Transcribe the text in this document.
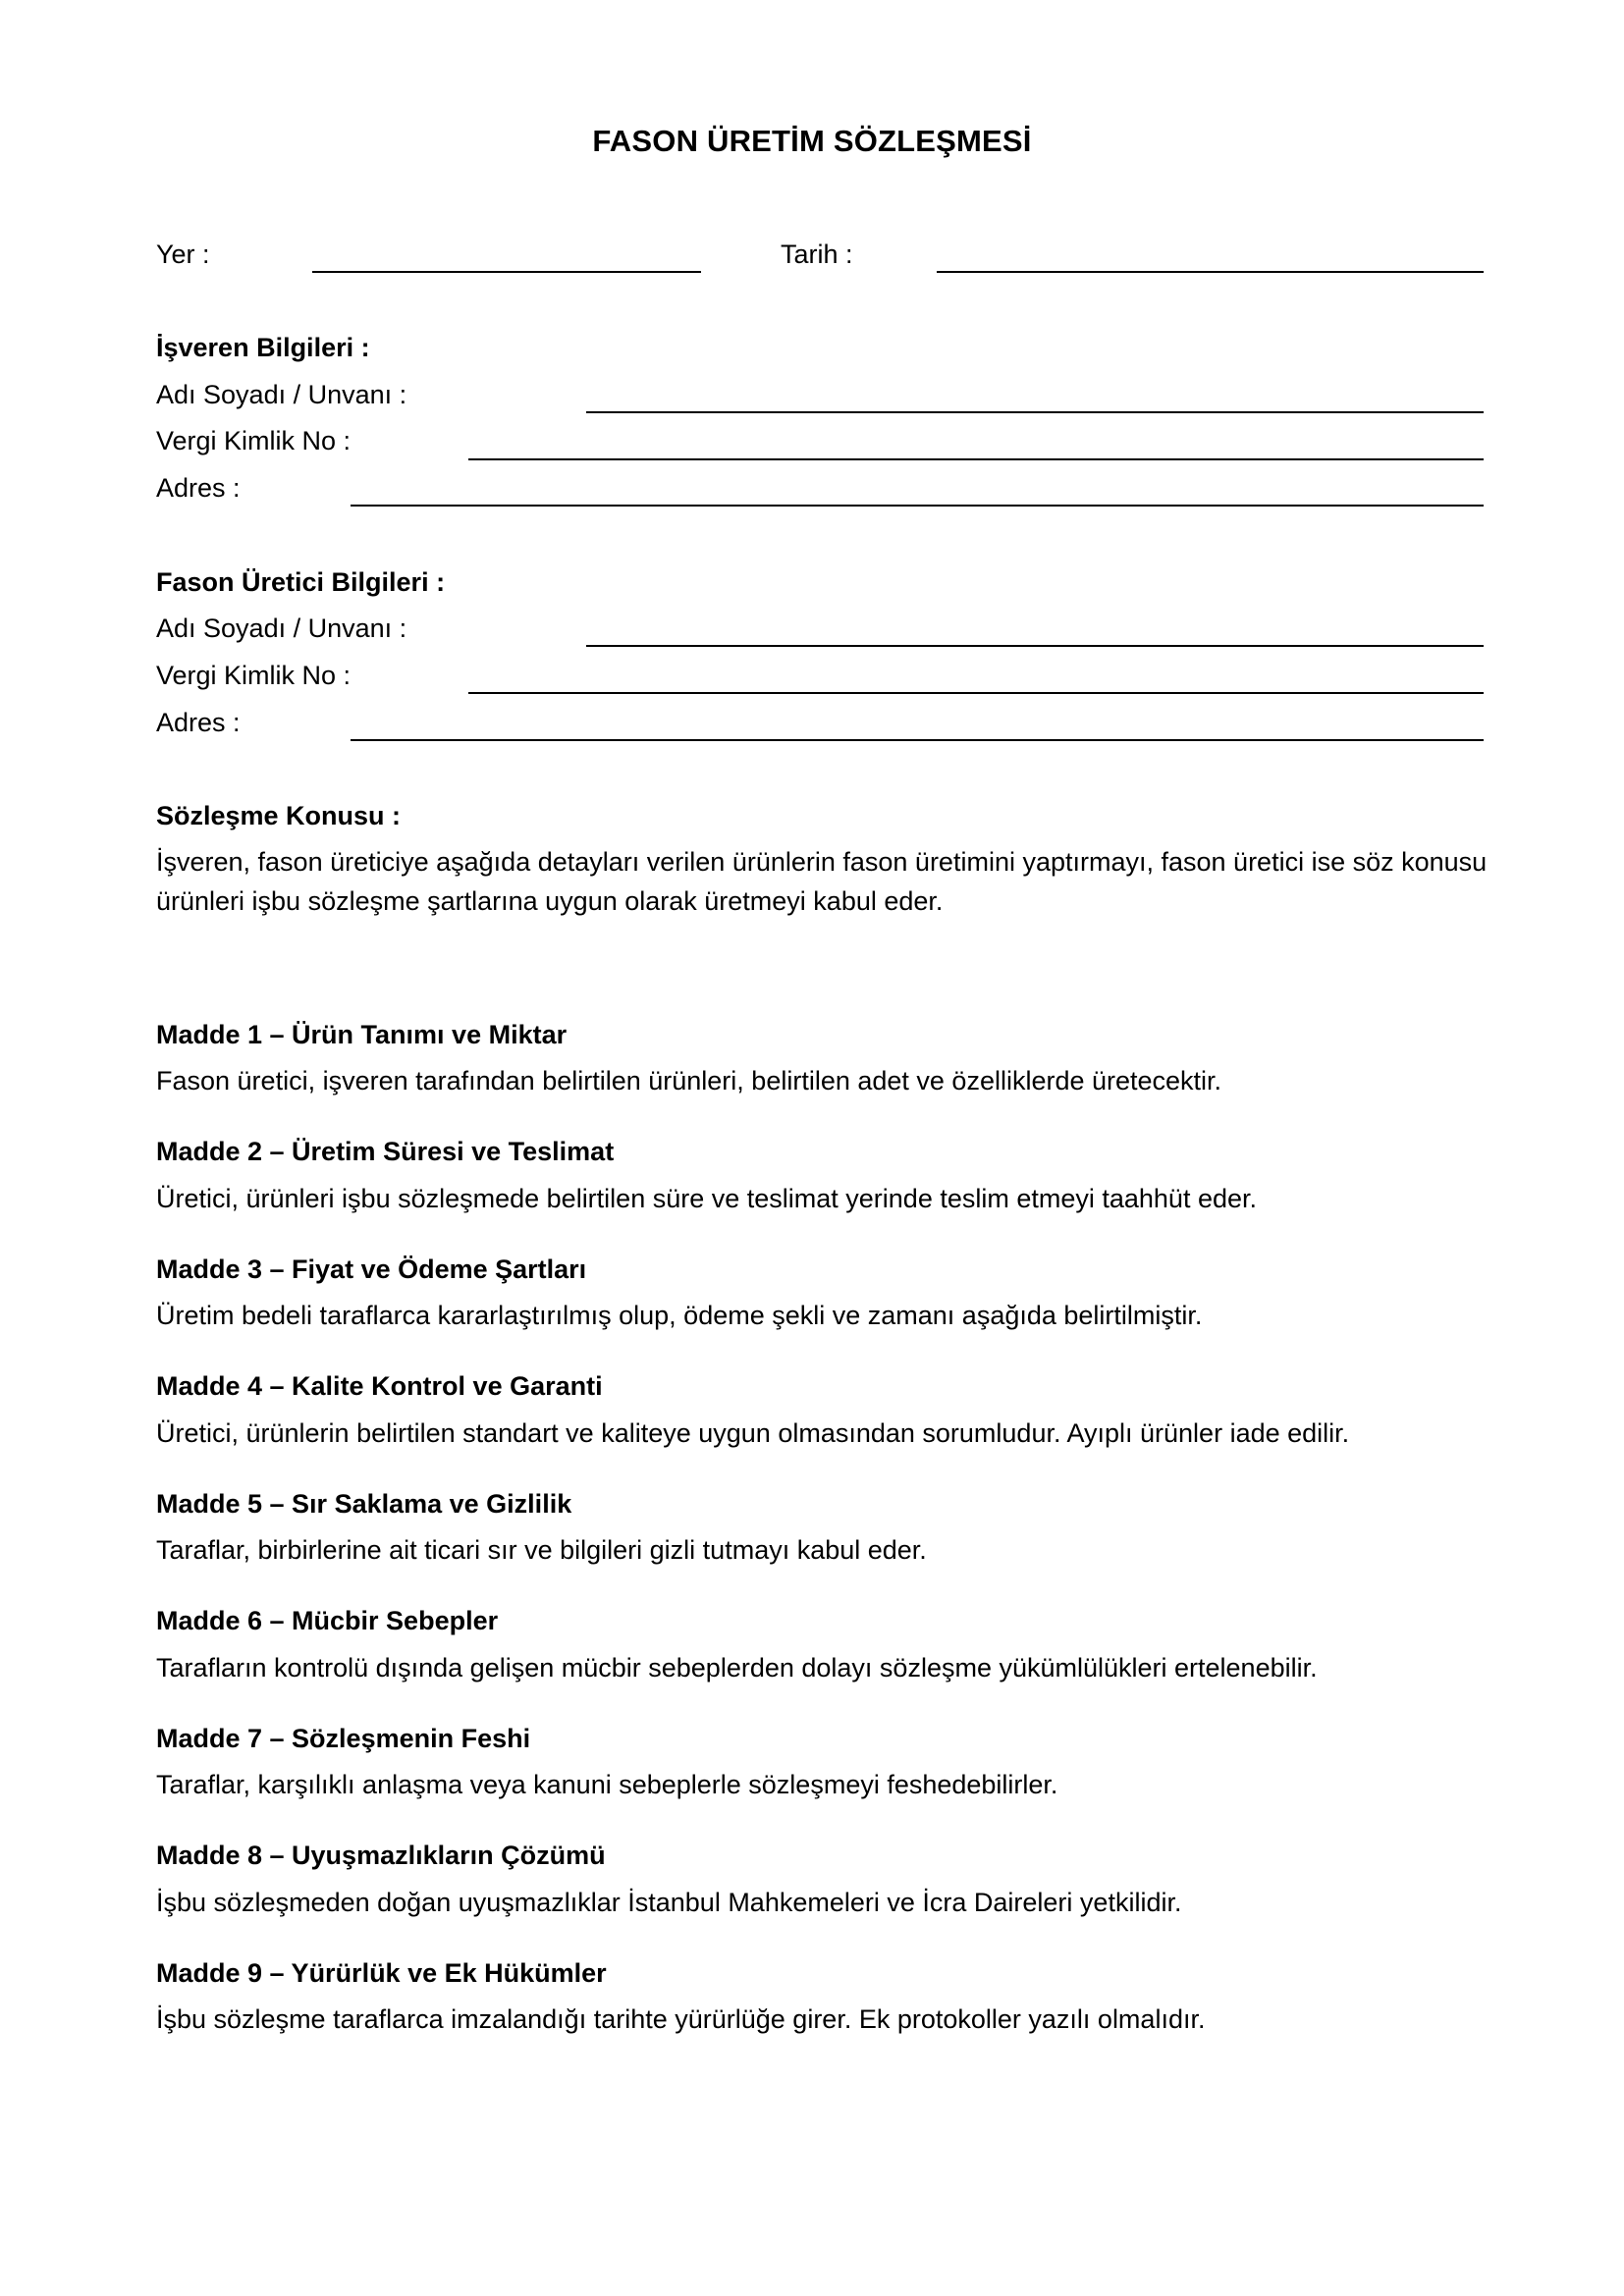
FASON ÜRETİM SÖZLEŞMESİ
Yer :	Tarih :
İşveren Bilgileri :
Adı Soyadı / Unvanı :
Vergi Kimlik No :
Adres :
Fason Üretici Bilgileri :
Adı Soyadı / Unvanı :
Vergi Kimlik No :
Adres :
Sözleşme Konusu :
İşveren, fason üreticiye aşağıda detayları verilen ürünlerin fason üretimini yaptırmayı, fason üretici ise söz konusu ürünleri işbu sözleşme şartlarına uygun olarak üretmeyi kabul eder.
Madde 1 – Ürün Tanımı ve Miktar
Fason üretici, işveren tarafından belirtilen ürünleri, belirtilen adet ve özelliklerde üretecektir.
Madde 2 – Üretim Süresi ve Teslimat
Üretici, ürünleri işbu sözleşmede belirtilen süre ve teslimat yerinde teslim etmeyi taahhüt eder.
Madde 3 – Fiyat ve Ödeme Şartları
Üretim bedeli taraflarca kararlaştırılmış olup, ödeme şekli ve zamanı aşağıda belirtilmiştir.
Madde 4 – Kalite Kontrol ve Garanti
Üretici, ürünlerin belirtilen standart ve kaliteye uygun olmasından sorumludur. Ayıplı ürünler iade edilir.
Madde 5 – Sır Saklama ve Gizlilik
Taraflar, birbirlerine ait ticari sır ve bilgileri gizli tutmayı kabul eder.
Madde 6 – Mücbir Sebepler
Tarafların kontrolü dışında gelişen mücbir sebeplerden dolayı sözleşme yükümlülükleri ertelenebilir.
Madde 7 – Sözleşmenin Feshi
Taraflar, karşılıklı anlaşma veya kanuni sebeplerle sözleşmeyi feshedebilirler.
Madde 8 – Uyuşmazlıkların Çözümü
İşbu sözleşmeden doğan uyuşmazlıklar İstanbul Mahkemeleri ve İcra Daireleri yetkilidir.
Madde 9 – Yürürlük ve Ek Hükümler
İşbu sözleşme taraflarca imzalandığı tarihte yürürlüğe girer. Ek protokoller yazılı olmalıdır.
